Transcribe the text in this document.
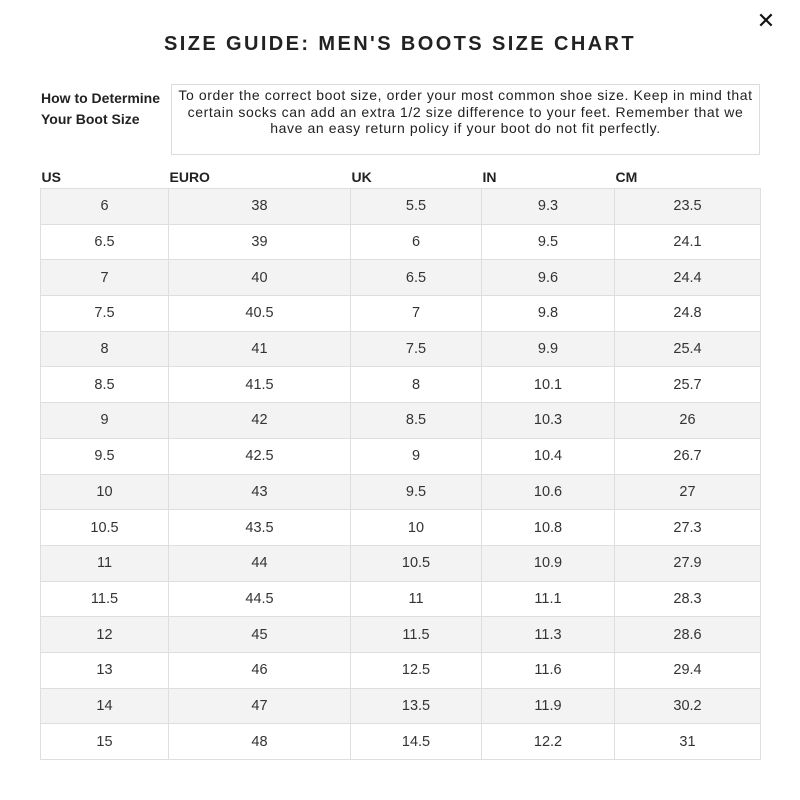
✕
SIZE GUIDE: MEN'S BOOTS SIZE CHART
How to Determine Your Boot Size
To order the correct boot size, order your most common shoe size. Keep in mind that certain socks can add an extra 1/2 size difference to your feet. Remember that we have an easy return policy if your boot do not fit perfectly.
US	EURO	UK	IN	CM
6	38	5.5	9.3	23.5
6.5	39	6	9.5	24.1
7	40	6.5	9.6	24.4
7.5	40.5	7	9.8	24.8
8	41	7.5	9.9	25.4
8.5	41.5	8	10.1	25.7
9	42	8.5	10.3	26
9.5	42.5	9	10.4	26.7
10	43	9.5	10.6	27
10.5	43.5	10	10.8	27.3
11	44	10.5	10.9	27.9
11.5	44.5	11	11.1	28.3
12	45	11.5	11.3	28.6
13	46	12.5	11.6	29.4
14	47	13.5	11.9	30.2
15	48	14.5	12.2	31
